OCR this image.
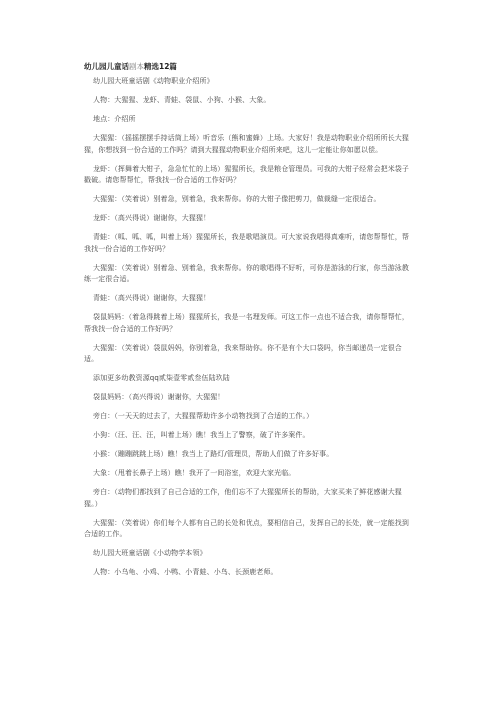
幼儿园儿童话剧本精选12篇

幼儿园大班童话剧《动物职业介绍所》

人物：大猩猩、龙虾、青蛙、袋鼠、小狗、小猴、大象。

地点：介绍所

大猩猩：（摇摇摆摆手持话筒上场）听音乐（熊和蜜蜂）上场。大家好！我是动物职业介绍所所长大猩猩，你想找到一份合适的工作吗？请到大猩猩动物职业介绍所来吧，这儿一定能让你如愿以偿。

龙虾：（挥舞着大钳子，急急忙忙的上场）猩猩所长，我是粮仓管理员。可我的大钳子经常会把米袋子戳破。请您帮帮忙，帮我找一份合适的工作好吗？

大猩猩：（笑着说）别着急，别着急，我来帮你。你的大钳子像把剪刀，做裁缝一定很适合。

龙虾：（高兴得说）谢谢你，大猩猩！

青蛙：（呱、呱、呱，叫着上场）猩猩所长，我是歌唱演员。可大家说我唱得真难听，请您帮帮忙，帮我找一份合适的工作好吗？

大猩猩：（笑着说）别着急、别着急，我来帮你。你的歌唱得不好听，可你是游泳的行家，你当游泳教练一定很合适。

青蛙：（高兴得说）谢谢你，大猩猩！

袋鼠妈妈：（着急得跳着上场）猩猩所长，我是一名理发师。可这工作一点也不适合我，请你帮帮忙，帮我找一份合适的工作好吗？

大猩猩：（笑着说）袋鼠妈妈，你别着急，我来帮助你。你不是有个大口袋吗，你当邮递员一定很合适。

添加更多幼教资源qq贰柒壹零贰叁伍陆玖陆

袋鼠妈妈：（高兴得说）谢谢你，大猩猩！

旁白：（一天天的过去了，大猩猩帮助许多小动物找到了合适的工作。）

小狗：（汪、汪、汪，叫着上场）瞧！我当上了警察，破了许多案件。

小猴：（蹦蹦跳跳上场）瞧！我当上了路灯/管理员，帮助人们做了许多好事。

大象：（甩着长鼻子上场）瞧！我开了一间浴室，欢迎大家光临。

旁白：（动物们都找到了自己合适的工作，他们忘不了大猩猩所长的帮助，大家买来了鲜花感谢大猩猩。）

大猩猩：（笑着说）你们每个人都有自己的长处和优点，要相信自己，发挥自己的长处，就一定能找到合适的工作。

幼儿园大班童话剧《小动物学本领》

人物：小乌龟、小鸡、小鸭、小青蛙、小鸟、长颈鹿老师。
